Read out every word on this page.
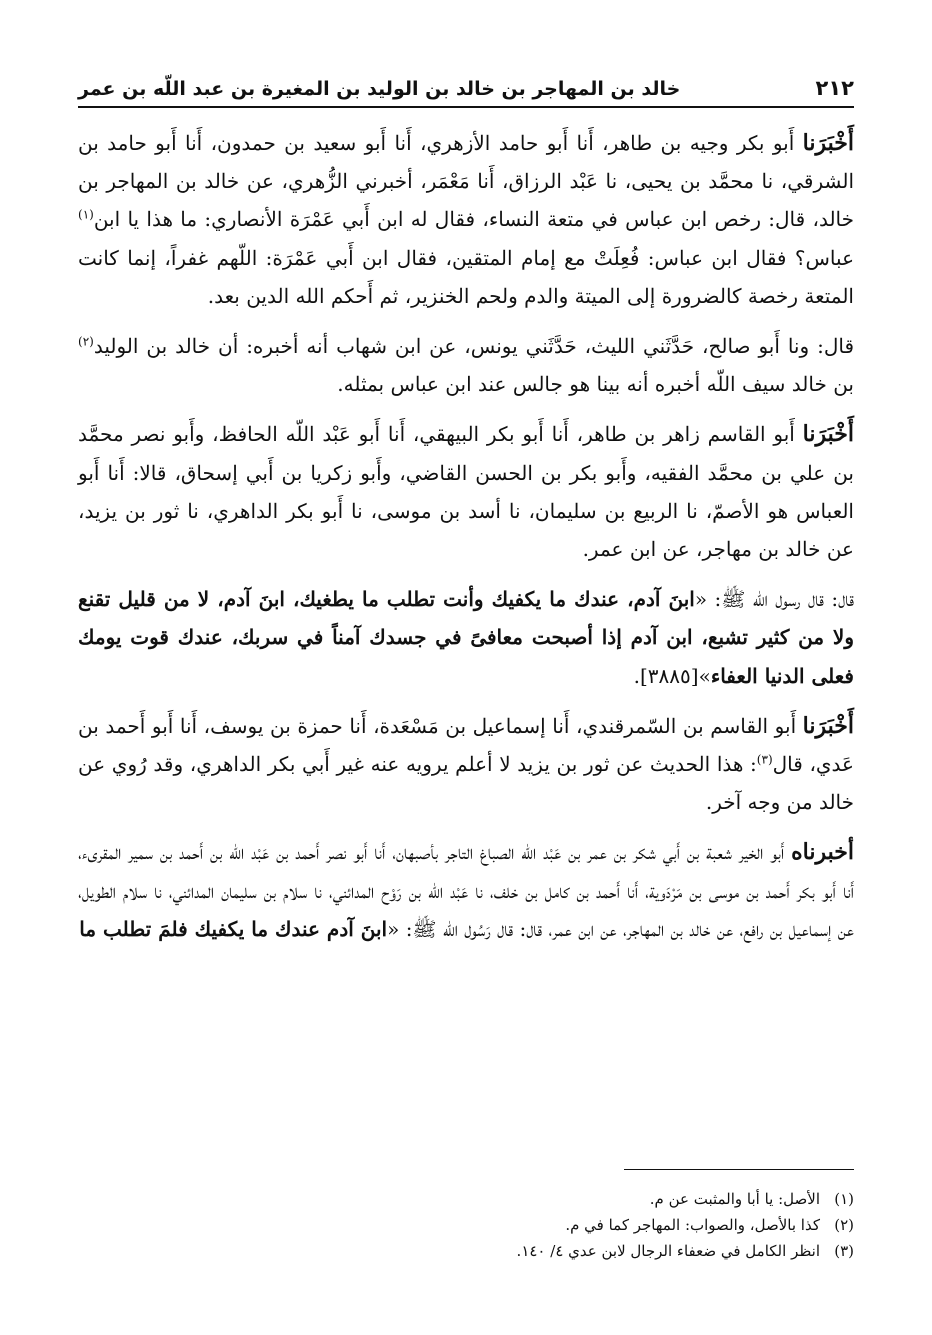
٢١٢
خالد بن المهاجر بن خالد بن الوليد بن المغيرة بن عبد اللّه بن عمر

أَخْبَرَنا أَبو بكر وجيه بن طاهر، أَنا أَبو حامد الأزهري، أَنا أَبو سعيد بن حمدون، أَنا أَبو حامد بن الشرقي، نا محمَّد بن يحيى، نا عَبْد الرزاق، أَنا مَعْمَر، أخبرني الزُّهري، عن خالد بن المهاجر بن خالد، قال: رخص ابن عباس في متعة النساء، فقال له ابن أَبي عَمْرَة الأنصاري: ما هذا يا ابن$^{(١)}$ عباس؟ فقال ابن عباس: فُعِلَتْ مع إمام المتقين، فقال ابن أَبي عَمْرَة: اللّهم غفراً، إنما كانت المتعة رخصة كالضرورة إلى الميتة والدم ولحم الخنزير، ثم أَحكم الله الدين بعد.

قال: ونا أَبو صالح، حَدَّثَني الليث، حَدَّثَني يونس، عن ابن شهاب أنه أخبره: أن خالد بن الوليد$^{(٢)}$ بن خالد سيف اللّه أخبره أنه بينا هو جالس عند ابن عباس بمثله.

أَخْبَرَنا أَبو القاسم زاهر بن طاهر، أَنا أَبو بكر البيهقي، أَنا أَبو عَبْد اللّه الحافظ، وأَبو نصر محمَّد بن علي بن محمَّد الفقيه، وأَبو بكر بن الحسن القاضي، وأَبو زكريا بن أَبي إسحاق، قالا: أَنا أَبو العباس هو الأصمّ، نا الربيع بن سليمان، نا أسد بن موسى، نا أَبو بكر الداهري، نا ثور بن يزيد، عن خالد بن مهاجر، عن ابن عمر.

قال: قال رسول الله ﷺ: «ابنَ آدم، عندك ما يكفيك وأنت تطلب ما يطغيك، ابنَ آدم، لا من قليل تقنع ولا من كثير تشبع، ابن آدم إذا أصبحت معافىً في جسدك آمناً في سربك، عندك قوت يومك فعلى الدنيا العفاء»[٣٨٨٥].

أَخْبَرَنا أَبو القاسم بن السّمرقندي، أَنا إسماعيل بن مَسْعَدة، أَنا حمزة بن يوسف، أَنا أَبو أَحمد بن عَدي، قال$^{(٣)}$: هذا الحديث عن ثور بن يزيد لا أعلم يرويه عنه غير أَبي بكر الداهري، وقد رُوي عن خالد من وجه آخر.

أخبرناه أَبو الخير شعبة بن أَبي شكر بن عمر بن عَبْد اللّه الصباغ التاجر بأصبهان، أَنا أَبو نصر أَحمد بن عَبْد اللّه بن أَحمد بن سمير المقرىء، أَنا أَبو بكر أَحمد بن موسى بن مَرْدَوية، أَنا أَحمد بن كامل بن خلف، نا عَبْد اللّه بن رَوْح المدائني، نا سلام بن سليمان المدائني، نا سلام الطويل، عن إسماعيل بن رافع، عن خالد بن المهاجر، عن ابن عمر، قال: قال رَسُول الله ﷺ: «ابنَ آدم عندك ما يكفيك فلمَ تطلب ما

(١)الأصل: يا أبا والمثبت عن م.

(٢)كذا بالأصل، والصواب: المهاجر كما في م.

(٣)انظر الكامل في ضعفاء الرجال لابن عدي ٤/ ١٤٠.
